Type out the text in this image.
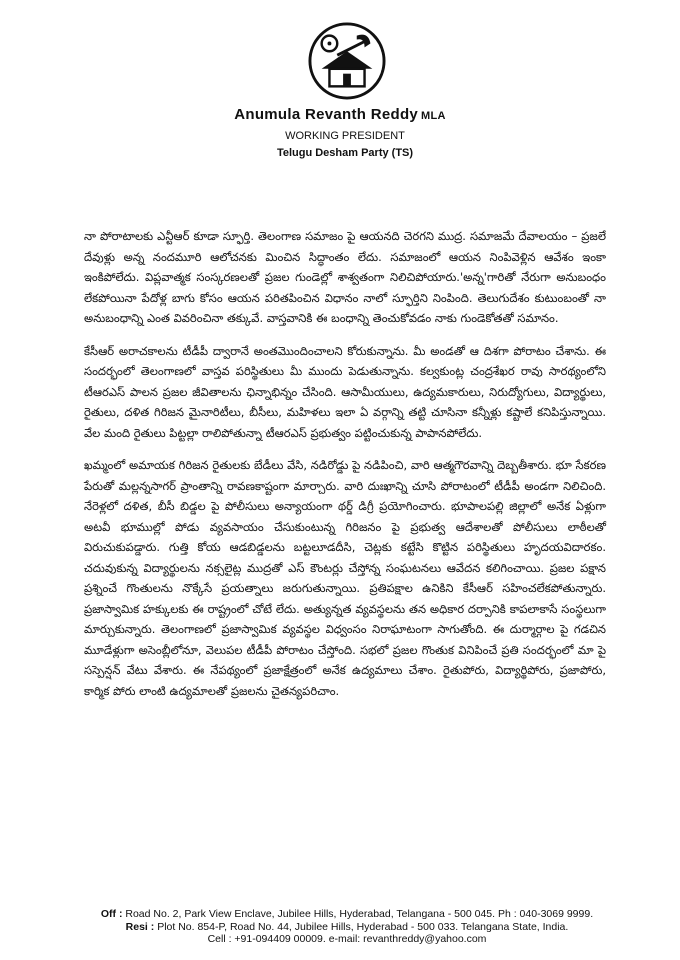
Anumula Revanth Reddy MLA
WORKING PRESIDENT
Telugu Desham Party (TS)

నా పోరాటాలకు ఎన్టీఆర్ కూడా స్ఫూర్తి. తెలంగాణ సమాజం పై ఆయనది చెరగని ముద్ర. సమాజమే దేవాలయం – ప్రజలే దేవుళ్లు అన్న నందమూరి ఆలోచనకు మించిన సిద్ధాంతం లేదు. సమాజంలో ఆయన నింపివెళ్లిన ఆవేశం ఇంకా ఇంకిపోలేదు. విప్లవాత్మక సంస్కరణలతో ప్రజల గుండెల్లో శాశ్వతంగా నిలిచిపోయారు.'అన్న'గారితో నేరుగా అనుబంధం లేకపోయినా పేదోళ్ల బాగు కోసం ఆయన పరితపించిన విధానం నాలో స్ఫూర్తిని నింపింది. తెలుగుదేశం కుటుంబంతో నా అనుబంధాన్ని ఎంత వివరించినా తక్కువే. వాస్తవానికి ఈ బంధాన్ని తెంచుకోవడం నాకు గుండెకోతతో సమానం.

కేసీఆర్ అరాచకాలను టీడీపీ ద్వారానే అంతమొందించాలని కోరుకున్నాను. మీ అండతో ఆ దిశగా పోరాటం చేశాను. ఈ సందర్భంలో తెలంగాణలో వాస్తవ పరిస్థితులు మీ ముందు పెడుతున్నాను. కల్వకుంట్ల చంద్రశేఖర రావు సారథ్యంలోని టీఆరఎస్ పాలన ప్రజల జీవితాలను ఛిన్నాభిన్నం చేసింది. ఆసామీయులు, ఉద్యమకారులు, నిరుద్యోగులు, విద్యార్థులు, రైతులు, దళిత గిరిజన మైనారిటీలు, బీసీలు, మహిళలు ఇలా ఏ వర్గాన్ని తట్టి చూసినా కన్నీళ్లు కష్టాలే కనిపిస్తున్నాయి. వేల మంది రైతులు పిట్టల్లా రాలిపోతున్నా టీఆరఎస్ ప్రభుత్వం పట్టించుకున్న పాపానపోలేదు.

ఖమ్మంలో అమాయక గిరిజన రైతులకు బేడీలు వేసి, నడిరోడ్డు పై నడిపించి, వారి ఆత్మగౌరవాన్ని దెబ్బతీశారు. భూ సేకరణ పేరుతో మల్లన్నసాగర్ ప్రాంతాన్ని రావణకాష్టంగా మార్చారు. వారి దుఃఖాన్ని చూసి పోరాటంలో టీడీపీ అండగా నిలిచింది. నేరెళ్లలో దళిత, బీసీ బిడ్డల పై పోలీసులు అన్యాయంగా థర్డ్ డిగ్రీ ప్రయోగించారు. భూపాలపల్లి జిల్లాలో అనేక ఏళ్లుగా అటవీ భూముల్లో పోడు వ్యవసాయం చేసుకుంటున్న గిరిజనం పై ప్రభుత్వ ఆదేశాలతో పోలీసులు లాఠీలతో విరుచుకుపడ్డారు. గుత్తి కోయ ఆడబిడ్డలను బట్టలూడదీసి, చెట్లకు కట్టేసి కొట్టిన పరిస్థితులు హృదయవిదారకం. చదువుకున్న విద్యార్థులను నక్సలైట్ల ముద్రతో ఎస్ కౌంటర్లు చేస్తోన్న సంఘటనలు ఆవేదన కలిగించాయి. ప్రజల పక్షాన ప్రశ్నించే గొంతులను నొక్కేసే ప్రయత్నాలు జరుగుతున్నాయి. ప్రతిపక్షాల ఉనికిని కేసీఆర్ సహించలేకపోతున్నారు. ప్రజాస్వామిక హక్కులకు ఈ రాష్ట్రంలో చోటే లేదు. అత్యున్నత వ్యవస్థలను తన అధికార దర్పానికి కాపలాకాసే సంస్థలుగా మార్చుకున్నారు. తెలంగాణలో ప్రజాస్వామిక వ్యవస్థల విధ్వంసం నిరాఘాటంగా సాగుతోంది. ఈ దుర్మార్గాల పై గడచిన మూడేళ్లుగా అసెంబ్లీలోనూ, వెలుపల టీడీపీ పోరాటం చేస్తోంది. సభలో ప్రజల గొంతుక వినిపించే ప్రతి సందర్భంలో మా పై సస్పెన్షన్ వేటు వేశారు. ఈ నేపథ్యంలో ప్రజాక్షేత్రంలో అనేక ఉద్యమాలు చేశాం. రైతుపోరు, విద్యార్థిపోరు, ప్రజాపోరు, కార్మిక పోరు లాంటి ఉద్యమాలతో ప్రజలను చైతన్యపరిచాం.

Off : Road No. 2, Park View Enclave, Jubilee Hills, Hyderabad, Telangana - 500 045. Ph : 040-3069 9999.
Resi : Plot No. 854-P, Road No. 44, Jubilee Hills, Hyderabad - 500 033. Telangana State, India.
Cell : +91-094409 00009. e-mail: revanthreddy@yahoo.com
